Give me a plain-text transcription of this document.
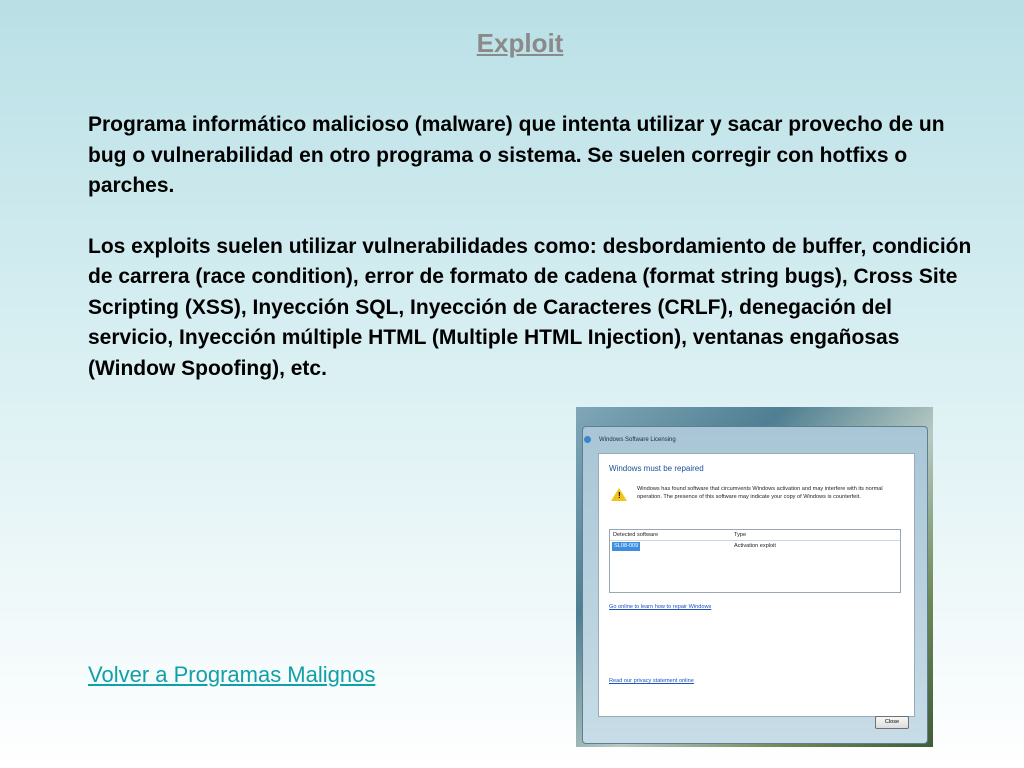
Exploit

Programa informático malicioso (malware) que intenta utilizar y sacar provecho de un bug o vulnerabilidad en otro programa o sistema. Se suelen corregir con hotfixs o parches.

Los exploits suelen utilizar vulnerabilidades como: desbordamiento de buffer, condición de carrera (race condition), error de formato de cadena (format string bugs), Cross Site Scripting (XSS), Inyección SQL, Inyección de Caracteres (CRLF), denegación del servicio, Inyección múltiple HTML (Multiple HTML Injection), ventanas engañosas (Window Spoofing), etc.

Windows Software Licensing
Windows must be repaired
!
Windows has found software that circumvents Windows activation and may interfere with its normal operation. The presence of this software may indicate your copy of Windows is counterfeit.
Detected software	Type
SL08-009	Activation exploit
Go online to learn how to repair Windows
Read our privacy statement online
Close
Volver a Programas Malignos
